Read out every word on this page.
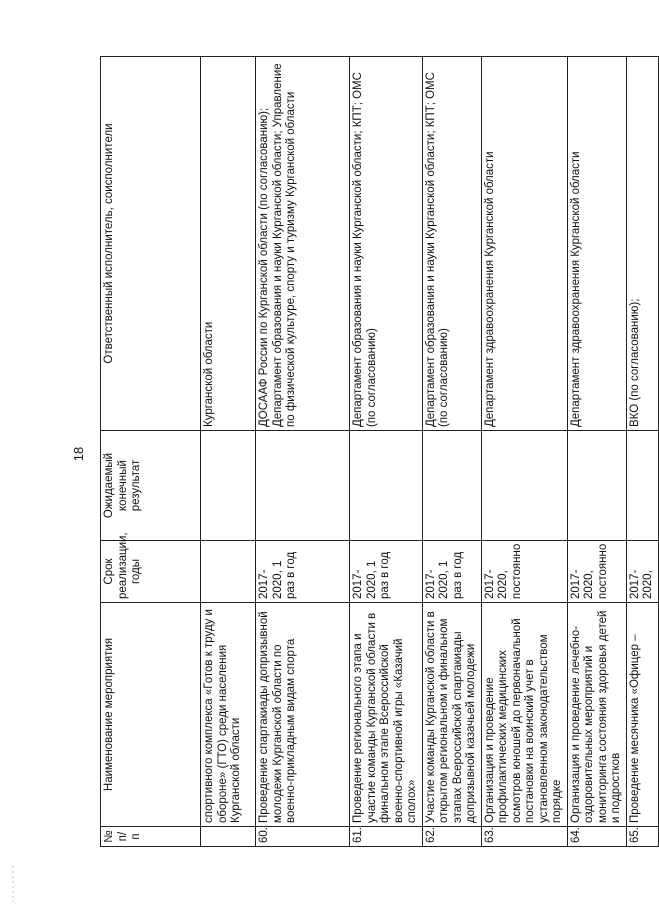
18
№ п/п	Наименование мероприятия	Срок реализации, годы	Ожидаемый конечный результат	Ответственный исполнитель, соисполнители
	спортивного комплекса «Готов к труду и обороне» (ГТО) среди населения Курганской области			Курганской области
60.	Проведение спартакиады допризывной молодежи Курганской области по военно-прикладным видам спорта	2017-2020, 1 раз в год		ДОСААФ России по Курганской области (по согласованию); Департамент образования и науки Курганской области; Управление по физической культуре, спорту и туризму Курганской области
61.	Проведение регионального этапа и участие команды Курганской области в финальном этапе Всероссийской военно-спортивной игры «Казачий сполох»	2017-2020, 1 раз в год		Департамент образования и науки Курганской области; КПТ; ОМС (по согласованию)
62.	Участие команды Курганской области в открытом региональном и финальном этапах Всероссийской спартакиады допризывной казачьей молодежи	2017-2020, 1 раз в год		Департамент образования и науки Курганской области; КПТ; ОМС (по согласованию)
63.	Организация и проведение профилактических медицинских осмотров юношей до первоначальной постановки на воинский учет в установленном законодательством порядке	2017-2020, постоянно		Департамент здравоохранения Курганской области
64.	Организация и проведение лечебно-оздоровительных мероприятий и мониторинга состояния здоровья детей и подростков	2017-2020, постоянно		Департамент здравоохранения Курганской области
65.	Проведение месячника «Офицер –	2017-2020,		ВКО (по согласованию);
